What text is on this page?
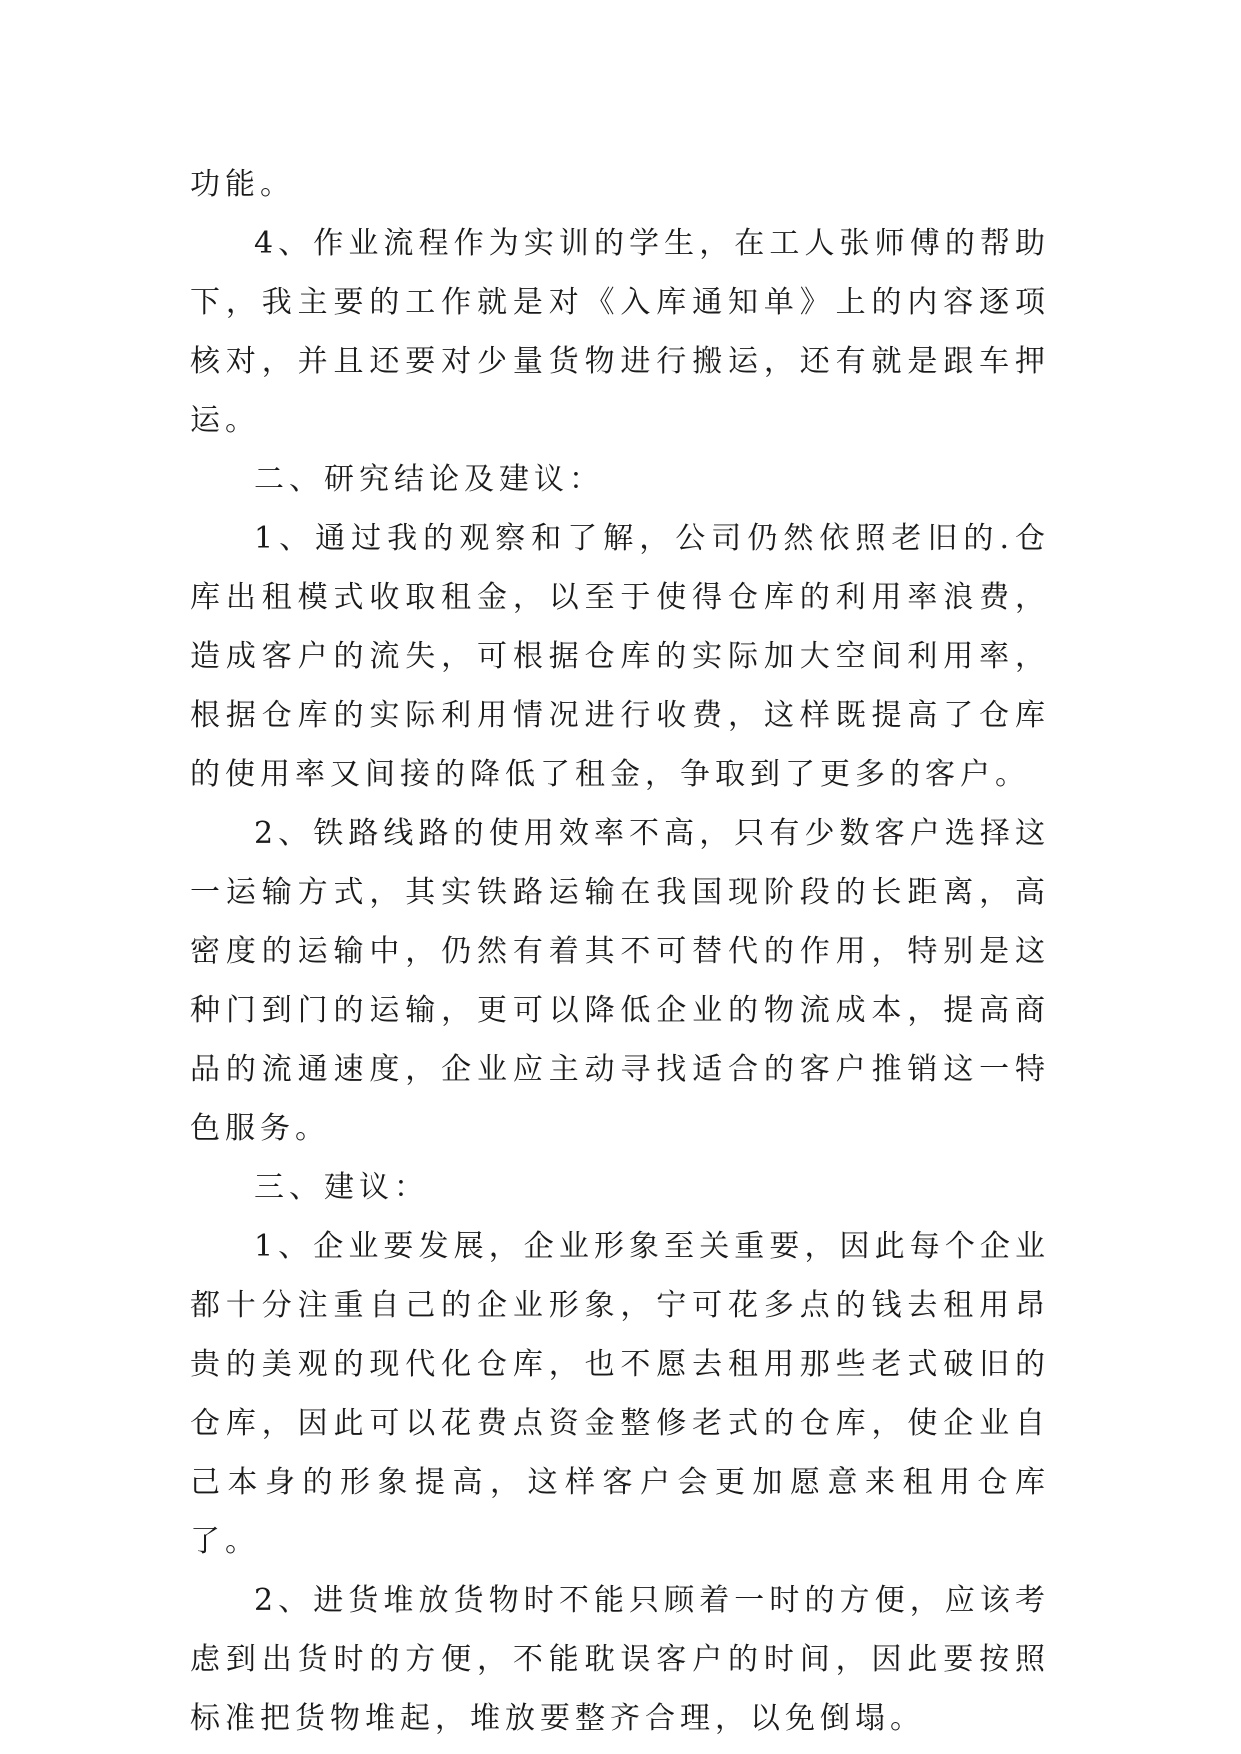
功能。

4、作业流程作为实训的学生，在工人张师傅的帮助下，我主要的工作就是对《入库通知单》上的内容逐项核对，并且还要对少量货物进行搬运，还有就是跟车押运。

二、研究结论及建议：

1、通过我的观察和了解，公司仍然依照老旧的.仓库出租模式收取租金，以至于使得仓库的利用率浪费，造成客户的流失，可根据仓库的实际加大空间利用率，根据仓库的实际利用情况进行收费，这样既提高了仓库的使用率又间接的降低了租金，争取到了更多的客户。

2、铁路线路的使用效率不高，只有少数客户选择这一运输方式，其实铁路运输在我国现阶段的长距离，高密度的运输中，仍然有着其不可替代的作用，特别是这种门到门的运输，更可以降低企业的物流成本，提高商品的流通速度，企业应主动寻找适合的客户推销这一特色服务。

三、建议：

1、企业要发展，企业形象至关重要，因此每个企业都十分注重自己的企业形象，宁可花多点的钱去租用昂贵的美观的现代化仓库，也不愿去租用那些老式破旧的仓库，因此可以花费点资金整修老式的仓库，使企业自己本身的形象提高，这样客户会更加愿意来租用仓库了。

2、进货堆放货物时不能只顾着一时的方便，应该考虑到出货时的方便，不能耽误客户的时间，因此要按照标准把货物堆起，堆放要整齐合理，以免倒塌。
